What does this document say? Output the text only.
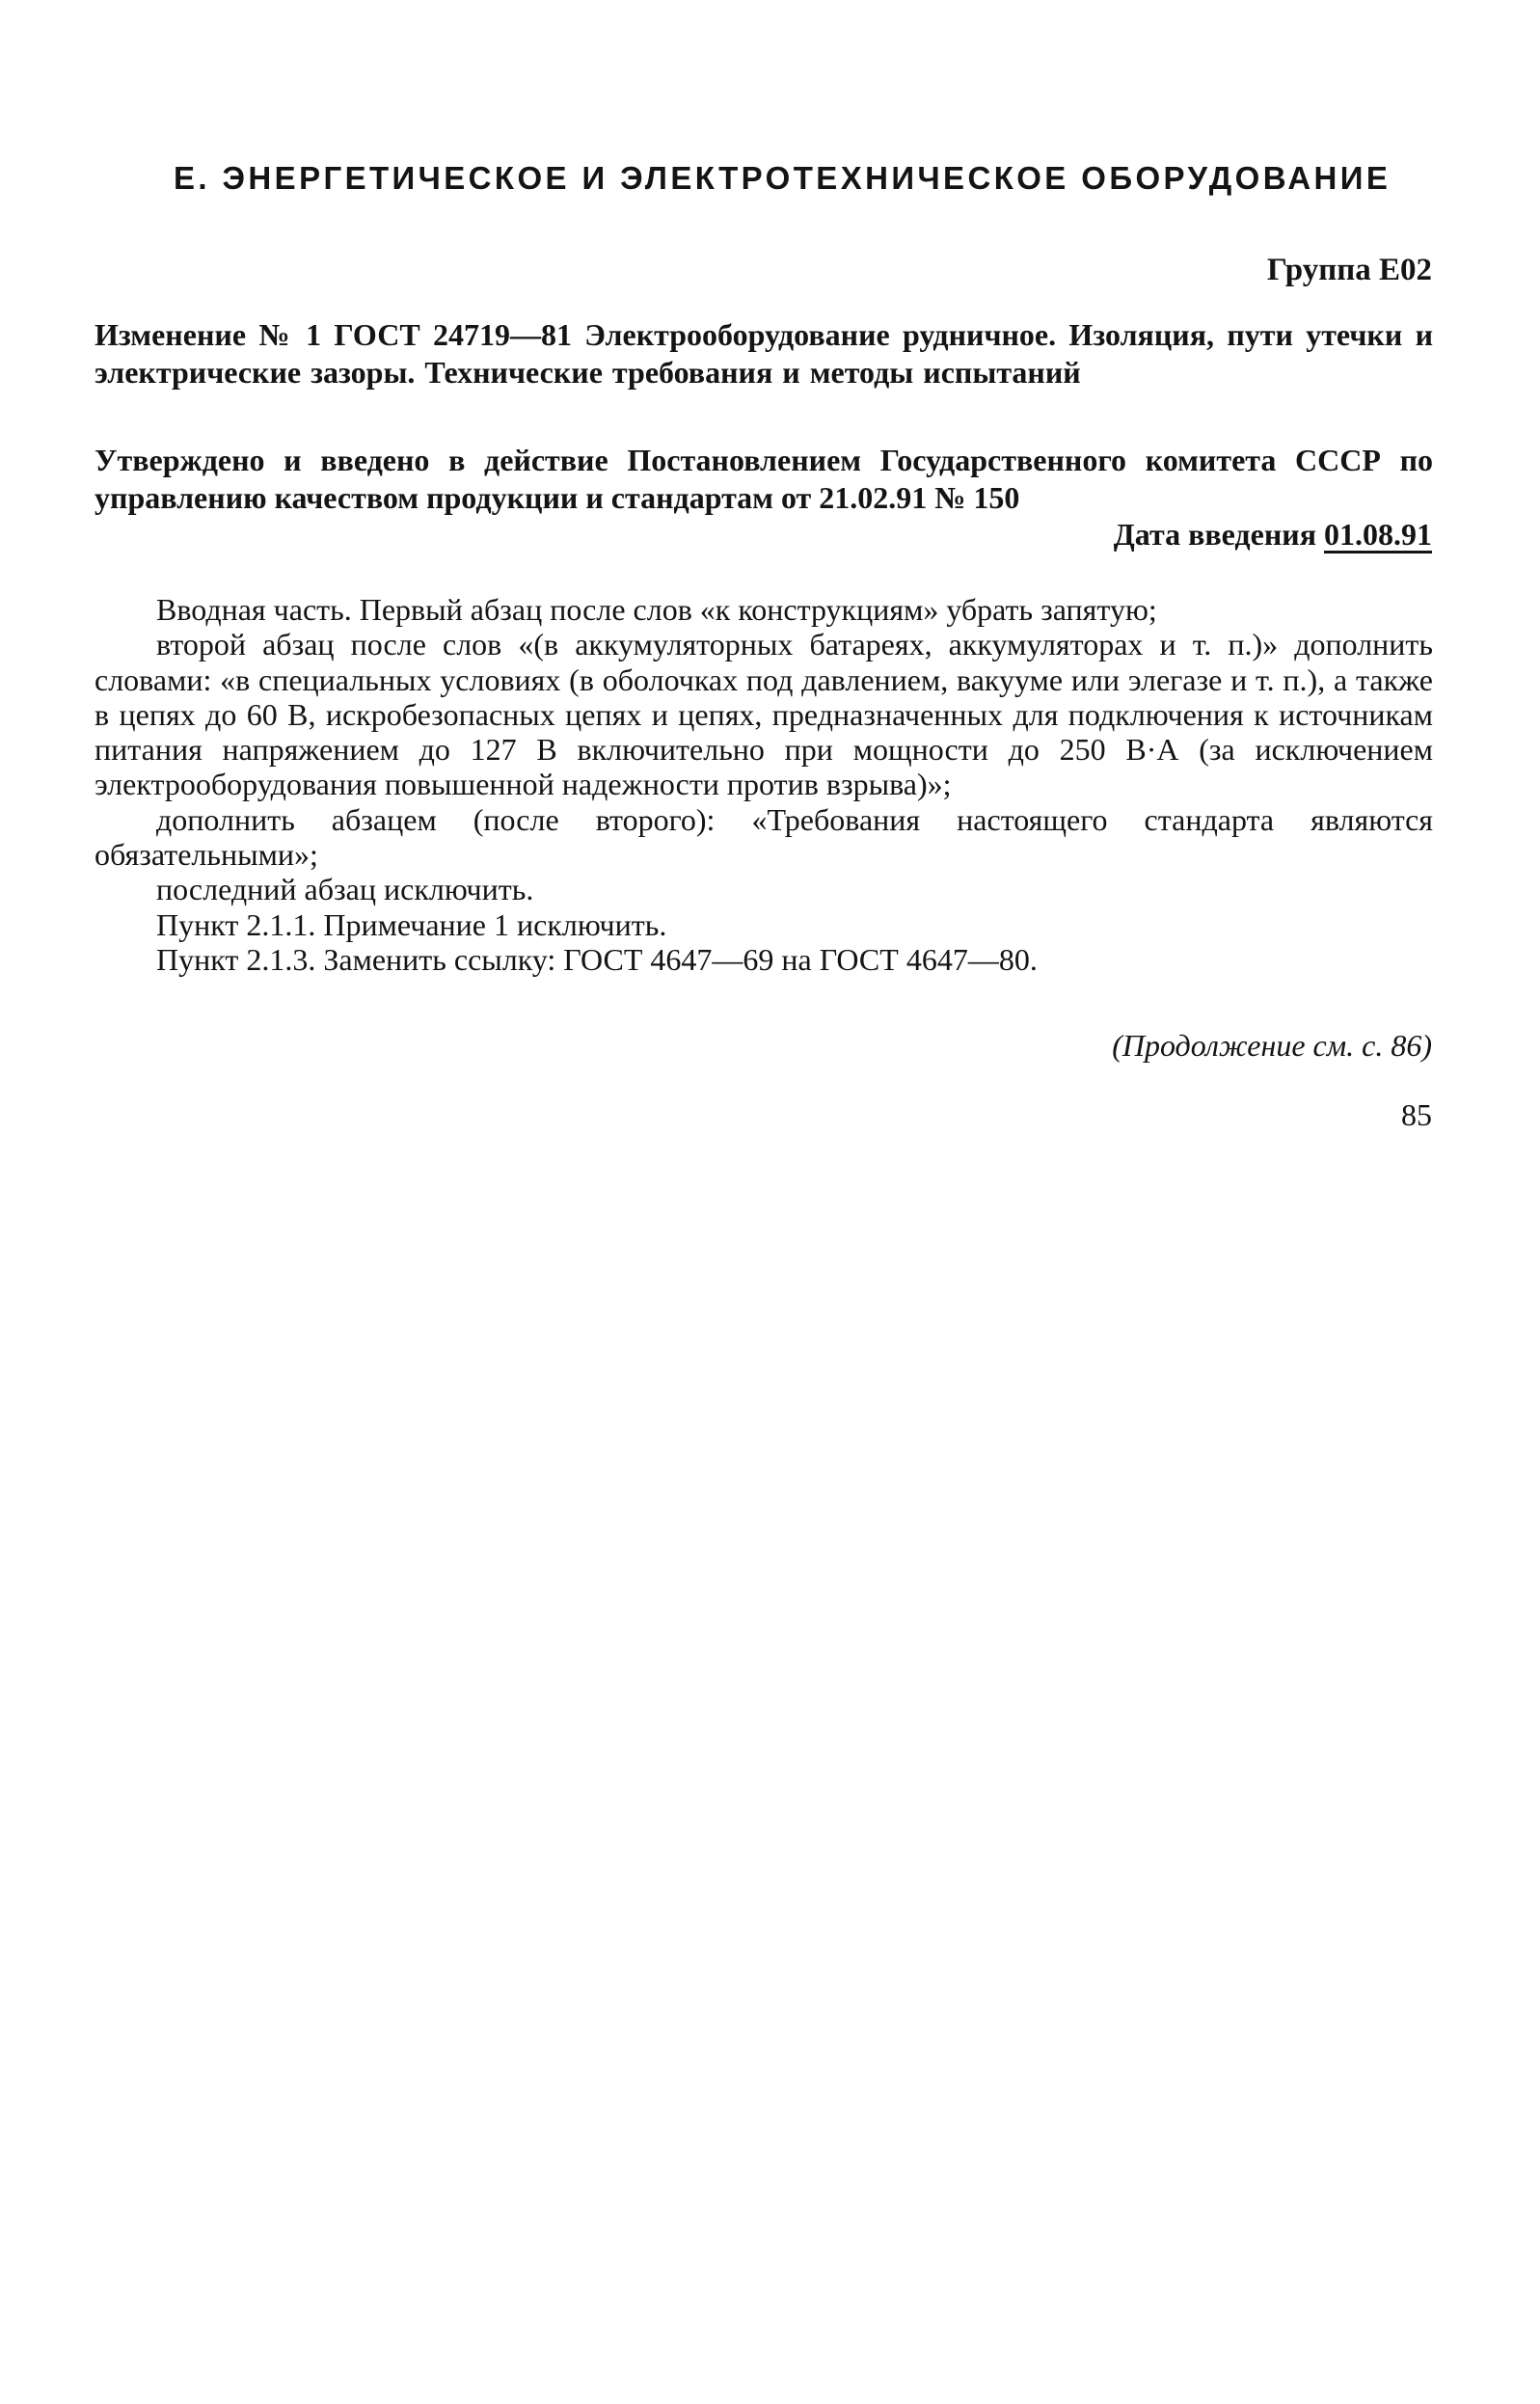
Е. ЭНЕРГЕТИЧЕСКОЕ И ЭЛЕКТРОТЕХНИЧЕСКОЕ ОБОРУДОВАНИЕ
Группа Е02

Изменение № 1 ГОСТ 24719—81 Электрооборудование рудничное. Изоляция, пути утечки и электрические зазоры. Технические требования и методы испытаний

Утверждено и введено в действие Постановлением Государственного комитета СССР по управлению качеством продукции и стандартам от 21.02.91 № 150

Дата введения 01.08.91

Вводная часть. Первый абзац после слов «к конструкциям» убрать запятую;

второй абзац после слов «(в аккумуляторных батареях, аккумуляторах и т. п.)» дополнить словами: «в специальных условиях (в оболочках под давлением, вакууме или элегазе и т. п.), а также в цепях до 60 В, искробезопасных цепях и цепях, предназначенных для подключения к источникам питания напряжением до 127 В включительно при мощности до 250 В·А (за исключением электрооборудования повышенной надежности против взрыва)»;

дополнить абзацем (после второго): «Требования настоящего стандарта являются обязательными»;

последний абзац исключить.

Пункт 2.1.1. Примечание 1 исключить.

Пункт 2.1.3. Заменить ссылку: ГОСТ 4647—69 на ГОСТ 4647—80.

(Продолжение см. с. 86)
85
